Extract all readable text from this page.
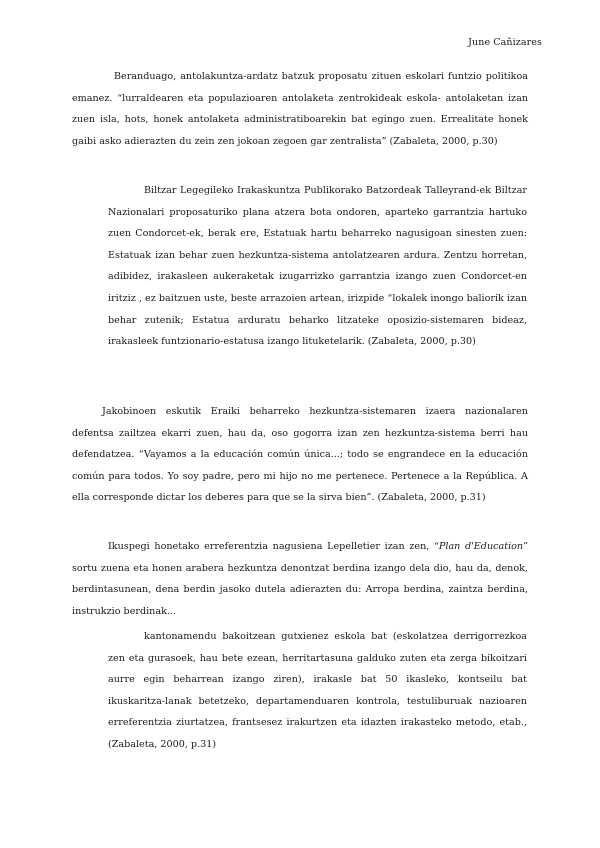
June Cañizares

Beranduago, antolakuntza-ardatz batzuk proposatu zituen eskolari funtzio politikoa emanez. “lurraldearen eta populazioaren antolaketa zentrokideak eskola- antolaketan izan zuen isla, hots, honek antolaketa administratiboarekin bat egingo zuen. Errealitate honek gaibi asko adierazten du zein zen jokoan zegoen gar zentralista” (Zabaleta, 2000, p.30)

Biltzar Legegileko Irakaskuntza Publikorako Batzordeak Talleyrand-ek Biltzar Nazionalari proposaturiko plana atzera bota ondoren, aparteko garrantzia hartuko zuen Condorcet-ek, berak ere, Estatuak hartu beharreko nagusigoan sinesten zuen: Estatuak izan behar zuen hezkuntza-sistema antolatzearen ardura. Zentzu horretan, adibidez, irakasleen aukeraketak izugarrizko garrantzia izango zuen Condorcet-en iritziz , ez baitzuen uste, beste arrazoien artean, irizpide “lokalek inongo baliorik izan behar zutenik; Estatua arduratu beharko litzateke oposizio-sistemaren bideaz, irakasleek funtzionario-estatusa izango lituketelarik. (Zabaleta, 2000, p.30)

Jakobinoen eskutik Eraiki beharreko hezkuntza-sistemaren izaera nazionalaren defentsa zailtzea ekarri zuen, hau da, oso gogorra izan zen hezkuntza-sistema berri hau defendatzea. “Vayamos a la educación común única...; todo se engrandece en la educación común para todos. Yo soy padre, pero mi hijo no me pertenece. Pertenece a la República. A ella corresponde dictar los deberes para que se la sirva bien”. (Zabaleta, 2000, p.31)

Ikuspegi honetako erreferentzia nagusiena Lepelletier izan zen, “Plan d'Education” sortu zuena eta honen arabera hezkuntza denontzat berdina izango dela dio, hau da, denok, berdintasunean, dena berdin jasoko dutela adierazten du: Arropa berdina, zaintza berdina, instrukzio berdinak...

kantonamendu bakoitzean gutxienez eskola bat (eskolatzea derrigorrezkoa zen eta gurasoek, hau bete ezean, herritartasuna galduko zuten eta zerga bikoitzari aurre egin beharrean izango ziren), irakasle bat 50 ikasleko, kontseilu bat ikuskaritza-lanak betetzeko, departamenduaren kontrola, testuliburuak nazioaren erreferentzia ziurtatzea, frantsesez irakurtzen eta idazten irakasteko metodo, etab.,(Zabaleta, 2000, p.31)
